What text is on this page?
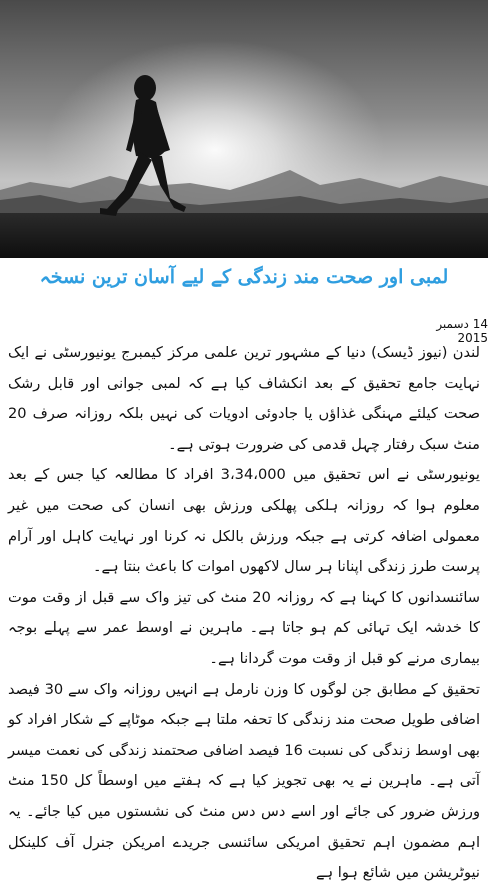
لمبی اور صحت مند زندگی کے لیے آسان ترین نسخہ
14 دسمبر 2015

لندن (نیوز ڈیسک) دنیا کے مشہور ترین علمی مرکز کیمبرج یونیورسٹی نے ایک نہایت جامع تحقیق کے بعد انکشاف کیا ہے کہ لمبی جوانی اور قابل رشک صحت کیلئے مہنگی غذاؤں یا جادوئی ادویات کی نہیں بلکہ روزانہ صرف 20 منٹ سبک رفتار چہل قدمی کی ضرورت ہوتی ہے۔

یونیورسٹی نے اس تحقیق میں 3،34،000 افراد کا مطالعہ کیا جس کے بعد معلوم ہوا کہ روزانہ ہلکی پھلکی ورزش بھی انسان کی صحت میں غیر معمولی اضافہ کرتی ہے جبکہ ورزش بالکل نہ کرنا اور نہایت کاہل اور آرام پرست طرز زندگی اپنانا ہر سال لاکھوں اموات کا باعث بنتا ہے۔

سائنسدانوں کا کہنا ہے کہ روزانہ 20 منٹ کی تیز واک سے قبل از وقت موت کا خدشہ ایک تہائی کم ہو جاتا ہے۔ ماہرین نے اوسط عمر سے پہلے بوجہ بیماری مرنے کو قبل از وقت موت گردانا ہے۔

تحقیق کے مطابق جن لوگوں کا وزن نارمل ہے انہیں روزانہ واک سے 30 فیصد اضافی طویل صحت مند زندگی کا تحفہ ملتا ہے جبکہ موٹاپے کے شکار افراد کو بھی اوسط زندگی کی نسبت 16 فیصد اضافی صحتمند زندگی کی نعمت میسر آتی ہے۔ ماہرین نے یہ بھی تجویز کیا ہے کہ ہفتے میں اوسطاً کل 150 منٹ ورزش ضرور کی جائے اور اسے دس دس منٹ کی نشستوں میں کیا جائے۔ یہ اہم مضمون اہم تحقیق امریکی سائنسی جریدے امریکن جنرل آف کلینکل نیوٹریشن میں شائع ہوا ہے
